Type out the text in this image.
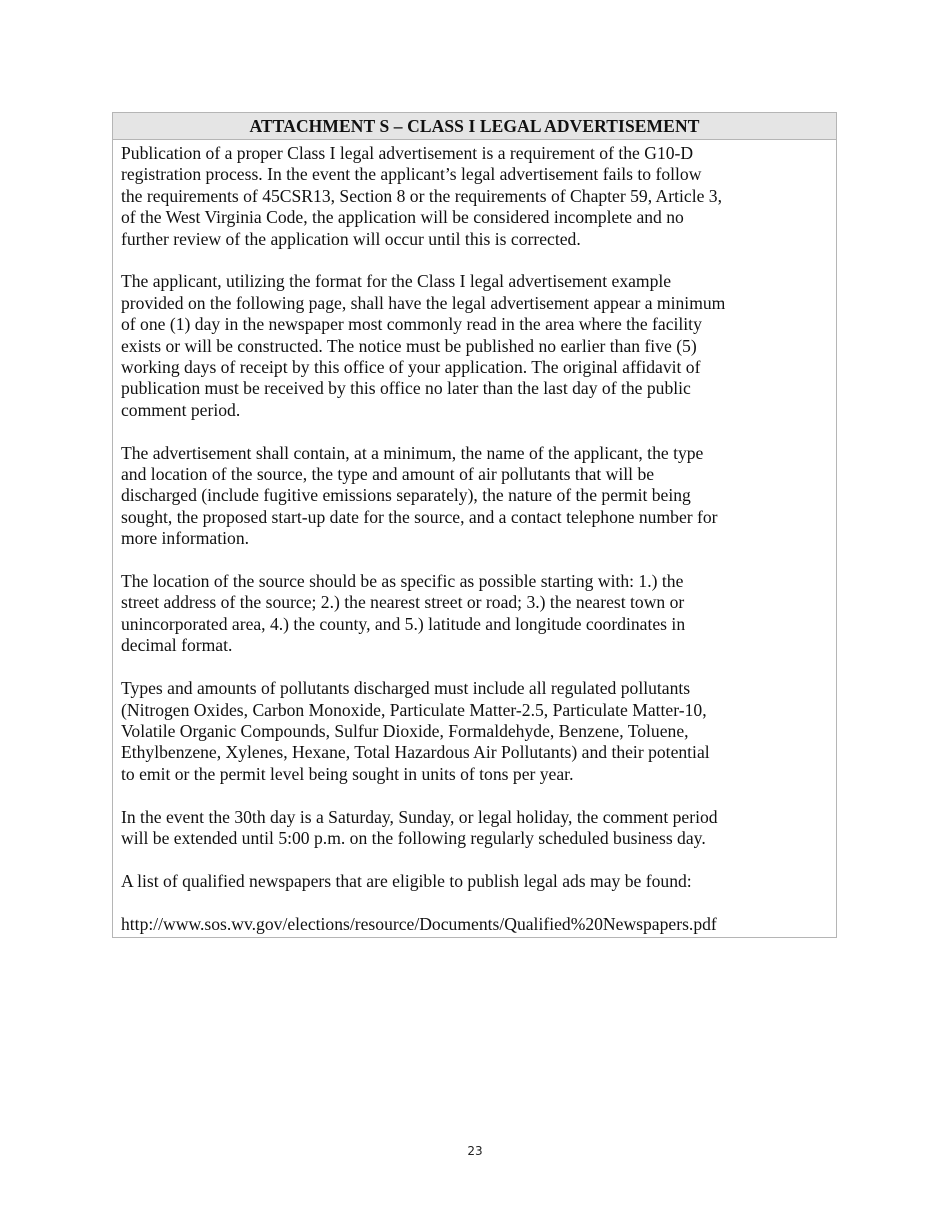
ATTACHMENT S – CLASS I LEGAL ADVERTISEMENT

Publication of a proper Class I legal advertisement is a requirement of the G10-D
registration process. In the event the applicant’s legal advertisement fails to follow
the requirements of 45CSR13, Section 8 or the requirements of Chapter 59, Article 3,
of the West Virginia Code, the application will be considered incomplete and no
further review of the application will occur until this is corrected.

The applicant, utilizing the format for the Class I legal advertisement example
provided on the following page, shall have the legal advertisement appear a minimum
of one (1) day in the newspaper most commonly read in the area where the facility
exists or will be constructed. The notice must be published no earlier than five (5)
working days of receipt by this office of your application. The original affidavit of
publication must be received by this office no later than the last day of the public
comment period.

The advertisement shall contain, at a minimum, the name of the applicant, the type
and location of the source, the type and amount of air pollutants that will be
discharged (include fugitive emissions separately), the nature of the permit being
sought, the proposed start-up date for the source, and a contact telephone number for
more information.

The location of the source should be as specific as possible starting with: 1.) the
street address of the source; 2.) the nearest street or road; 3.) the nearest town or
unincorporated area, 4.) the county, and 5.) latitude and longitude coordinates in
decimal format.

Types and amounts of pollutants discharged must include all regulated pollutants
(Nitrogen Oxides, Carbon Monoxide, Particulate Matter-2.5, Particulate Matter-10,
Volatile Organic Compounds, Sulfur Dioxide, Formaldehyde, Benzene, Toluene,
Ethylbenzene, Xylenes, Hexane, Total Hazardous Air Pollutants) and their potential
to emit or the permit level being sought in units of tons per year.

In the event the 30th day is a Saturday, Sunday, or legal holiday, the comment period
will be extended until 5:00 p.m. on the following regularly scheduled business day.

A list of qualified newspapers that are eligible to publish legal ads may be found:

http://www.sos.wv.gov/elections/resource/Documents/Qualified%20Newspapers.pdf

23
